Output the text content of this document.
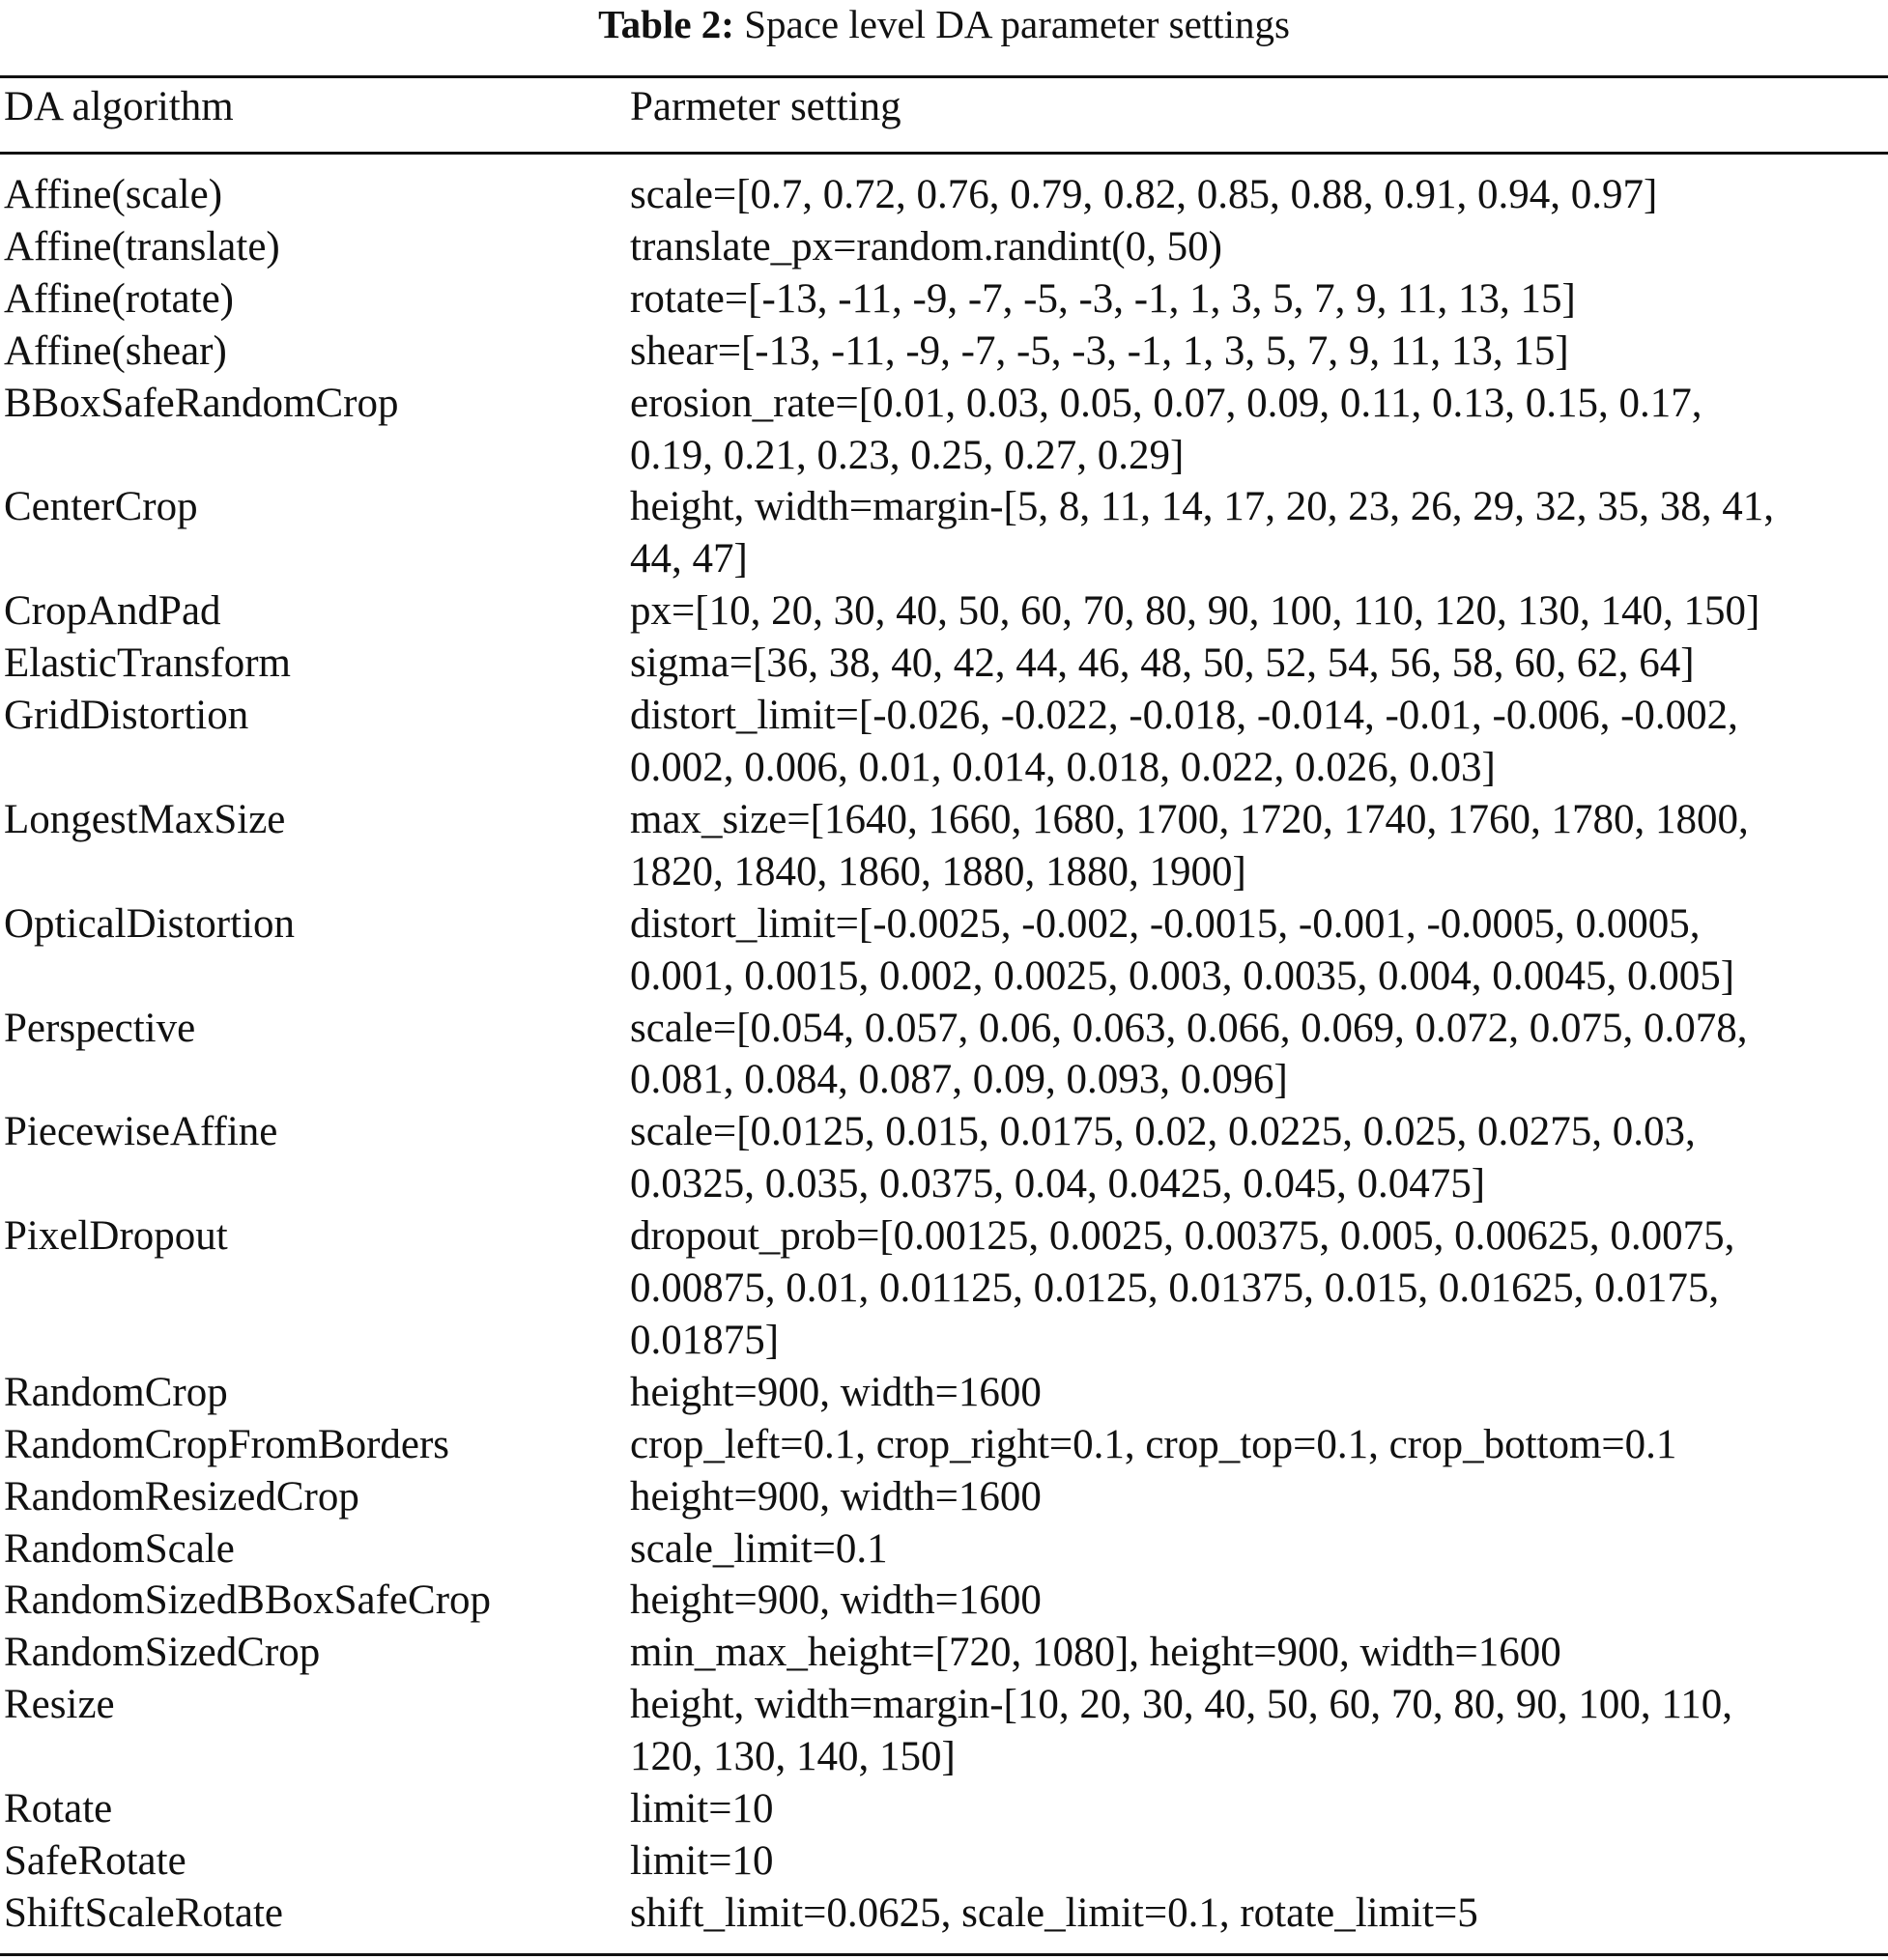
Table 2: Space level DA parameter settings
DA algorithm	Parmeter setting
Affine(scale)	scale=[0.7, 0.72, 0.76, 0.79, 0.82, 0.85, 0.88, 0.91, 0.94, 0.97]
Affine(translate)	translate_px=random.randint(0, 50)
Affine(rotate)	rotate=[-13, -11, -9, -7, -5, -3, -1, 1, 3, 5, 7, 9, 11, 13, 15]
Affine(shear)	shear=[-13, -11, -9, -7, -5, -3, -1, 1, 3, 5, 7, 9, 11, 13, 15]
BBoxSafeRandomCrop	erosion_rate=[0.01, 0.03, 0.05, 0.07, 0.09, 0.11, 0.13, 0.15, 0.17,
0.19, 0.21, 0.23, 0.25, 0.27, 0.29]
CenterCrop	height, width=margin-[5, 8, 11, 14, 17, 20, 23, 26, 29, 32, 35, 38, 41,
44, 47]
CropAndPad	px=[10, 20, 30, 40, 50, 60, 70, 80, 90, 100, 110, 120, 130, 140, 150]
ElasticTransform	sigma=[36, 38, 40, 42, 44, 46, 48, 50, 52, 54, 56, 58, 60, 62, 64]
GridDistortion	distort_limit=[-0.026, -0.022, -0.018, -0.014, -0.01, -0.006, -0.002,
0.002, 0.006, 0.01, 0.014, 0.018, 0.022, 0.026, 0.03]
LongestMaxSize	max_size=[1640, 1660, 1680, 1700, 1720, 1740, 1760, 1780, 1800,
1820, 1840, 1860, 1880, 1880, 1900]
OpticalDistortion	distort_limit=[-0.0025, -0.002, -0.0015, -0.001, -0.0005, 0.0005,
0.001, 0.0015, 0.002, 0.0025, 0.003, 0.0035, 0.004, 0.0045, 0.005]
Perspective	scale=[0.054, 0.057, 0.06, 0.063, 0.066, 0.069, 0.072, 0.075, 0.078,
0.081, 0.084, 0.087, 0.09, 0.093, 0.096]
PiecewiseAffine	scale=[0.0125, 0.015, 0.0175, 0.02, 0.0225, 0.025, 0.0275, 0.03,
0.0325, 0.035, 0.0375, 0.04, 0.0425, 0.045, 0.0475]
PixelDropout	dropout_prob=[0.00125, 0.0025, 0.00375, 0.005, 0.00625, 0.0075,
0.00875, 0.01, 0.01125, 0.0125, 0.01375, 0.015, 0.01625, 0.0175,
0.01875]
RandomCrop	height=900, width=1600
RandomCropFromBorders	crop_left=0.1, crop_right=0.1, crop_top=0.1, crop_bottom=0.1
RandomResizedCrop	height=900, width=1600
RandomScale	scale_limit=0.1
RandomSizedBBoxSafeCrop	height=900, width=1600
RandomSizedCrop	min_max_height=[720, 1080], height=900, width=1600
Resize	height, width=margin-[10, 20, 30, 40, 50, 60, 70, 80, 90, 100, 110,
120, 130, 140, 150]
Rotate	limit=10
SafeRotate	limit=10
ShiftScaleRotate	shift_limit=0.0625, scale_limit=0.1, rotate_limit=5
